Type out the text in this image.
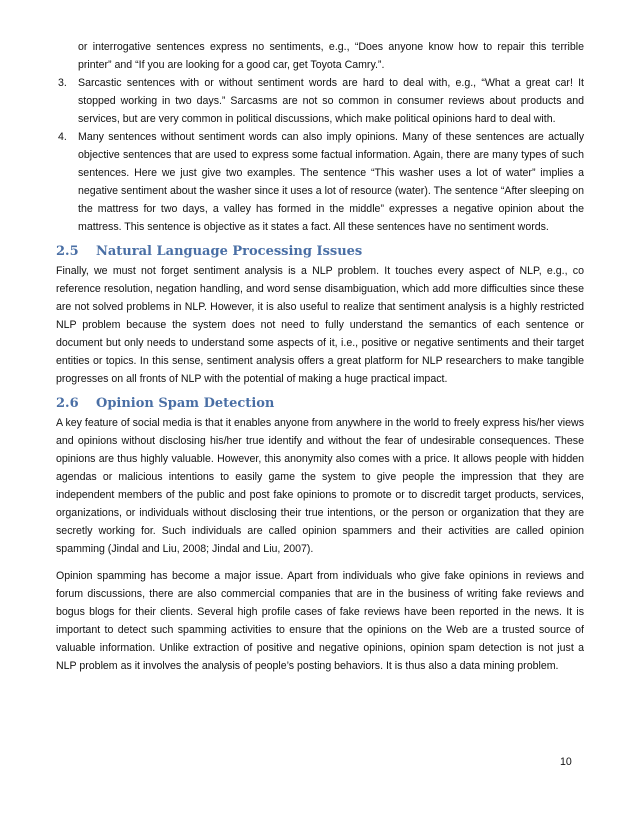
or interrogative sentences express no sentiments, e.g., “Does anyone know how to repair this terrible printer” and “If you are looking for a good car, get Toyota Camry.”.

3. Sarcastic sentences with or without sentiment words are hard to deal with, e.g., “What a great car! It stopped working in two days.” Sarcasms are not so common in consumer reviews about products and services, but are very common in political discussions, which make political opinions hard to deal with.

4. Many sentences without sentiment words can also imply opinions. Many of these sentences are actually objective sentences that are used to express some factual information. Again, there are many types of such sentences. Here we just give two examples. The sentence “This washer uses a lot of water” implies a negative sentiment about the washer since it uses a lot of resource (water). The sentence “After sleeping on the mattress for two days, a valley has formed in the middle” expresses a negative opinion about the mattress. This sentence is objective as it states a fact. All these sentences have no sentiment words.

2.5 Natural Language Processing Issues

Finally, we must not forget sentiment analysis is a NLP problem. It touches every aspect of NLP, e.g., co reference resolution, negation handling, and word sense disambiguation, which add more difficulties since these are not solved problems in NLP. However, it is also useful to realize that sentiment analysis is a highly restricted NLP problem because the system does not need to fully understand the semantics of each sentence or document but only needs to understand some aspects of it, i.e., positive or negative sentiments and their target entities or topics. In this sense, sentiment analysis offers a great platform for NLP researchers to make tangible progresses on all fronts of NLP with the potential of making a huge practical impact.

2.6 Opinion Spam Detection

A key feature of social media is that it enables anyone from anywhere in the world to freely express his/her views and opinions without disclosing his/her true identify and without the fear of undesirable consequences. These opinions are thus highly valuable. However, this anonymity also comes with a price. It allows people with hidden agendas or malicious intentions to easily game the system to give people the impression that they are independent members of the public and post fake opinions to promote or to discredit target products, services, organizations, or individuals without disclosing their true intentions, or the person or organization that they are secretly working for. Such individuals are called opinion spammers and their activities are called opinion spamming (Jindal and Liu, 2008; Jindal and Liu, 2007).

Opinion spamming has become a major issue. Apart from individuals who give fake opinions in reviews and forum discussions, there are also commercial companies that are in the business of writing fake reviews and bogus blogs for their clients. Several high profile cases of fake reviews have been reported in the news. It is important to detect such spamming activities to ensure that the opinions on the Web are a trusted source of valuable information. Unlike extraction of positive and negative opinions, opinion spam detection is not just a NLP problem as it involves the analysis of people’s posting behaviors. It is thus also a data mining problem.

10
